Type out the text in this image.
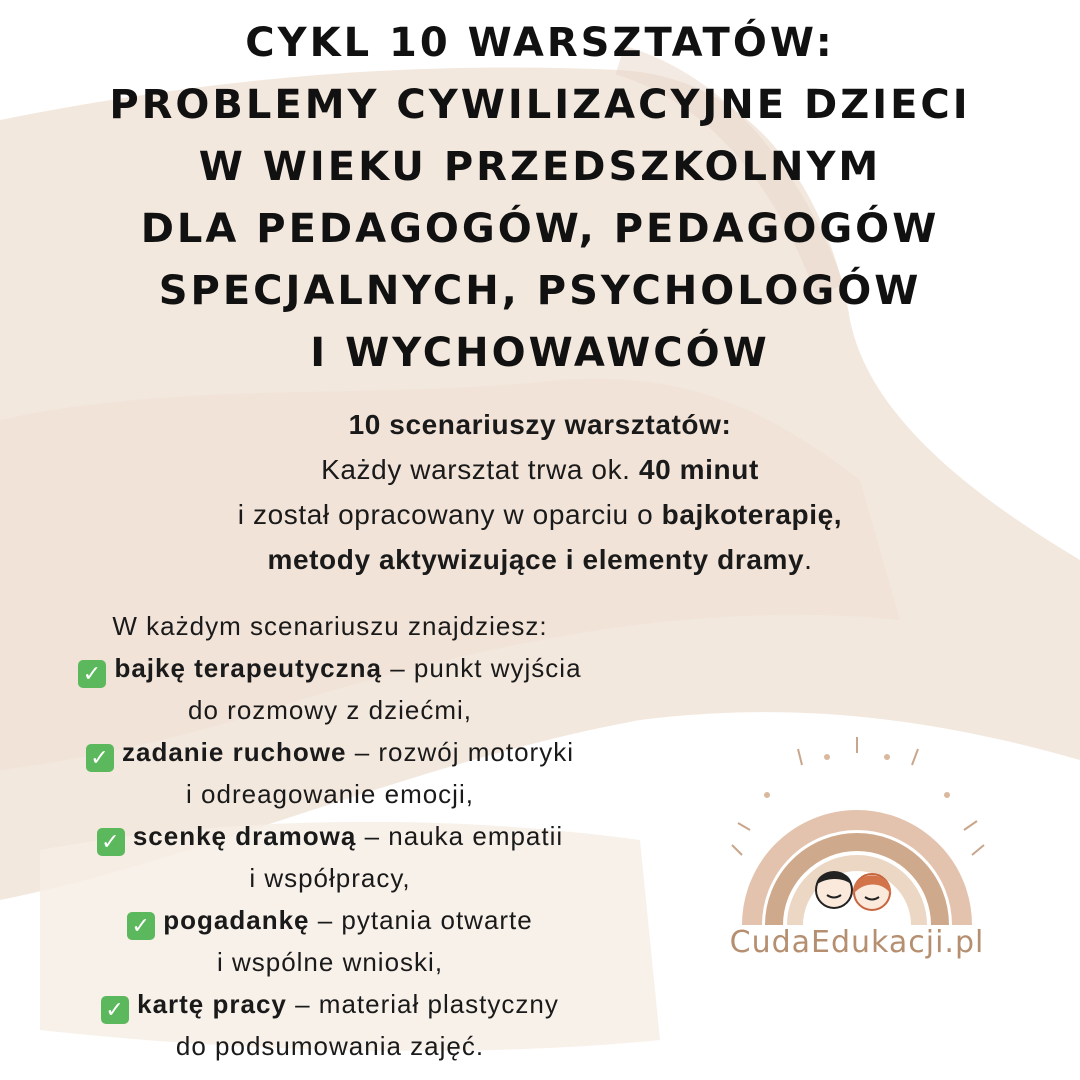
CYKL 10 WARSZTATÓW:
PROBLEMY CYWILIZACYJNE DZIECI
W WIEKU PRZEDSZKOLNYM
DLA PEDAGOGÓW, PEDAGOGÓW
SPECJALNYCH, PSYCHOLOGÓW
I WYCHOWAWCÓW
10 scenariuszy warsztatów:
Każdy warsztat trwa ok. 40 minut
i został opracowany w oparciu o bajkoterapię,
metody aktywizujące i elementy dramy.
W każdym scenariuszu znajdziesz:
✓ bajkę terapeutyczną – punkt wyjścia
do rozmowy z dziećmi,
✓ zadanie ruchowe – rozwój motoryki
i odreagowanie emocji,
✓ scenkę dramową – nauka empatii
i współpracy,
✓ pogadankę – pytania otwarte
i wspólne wnioski,
✓ kartę pracy – materiał plastyczny
do podsumowania zajęć.
CudaEdukacji.pl
